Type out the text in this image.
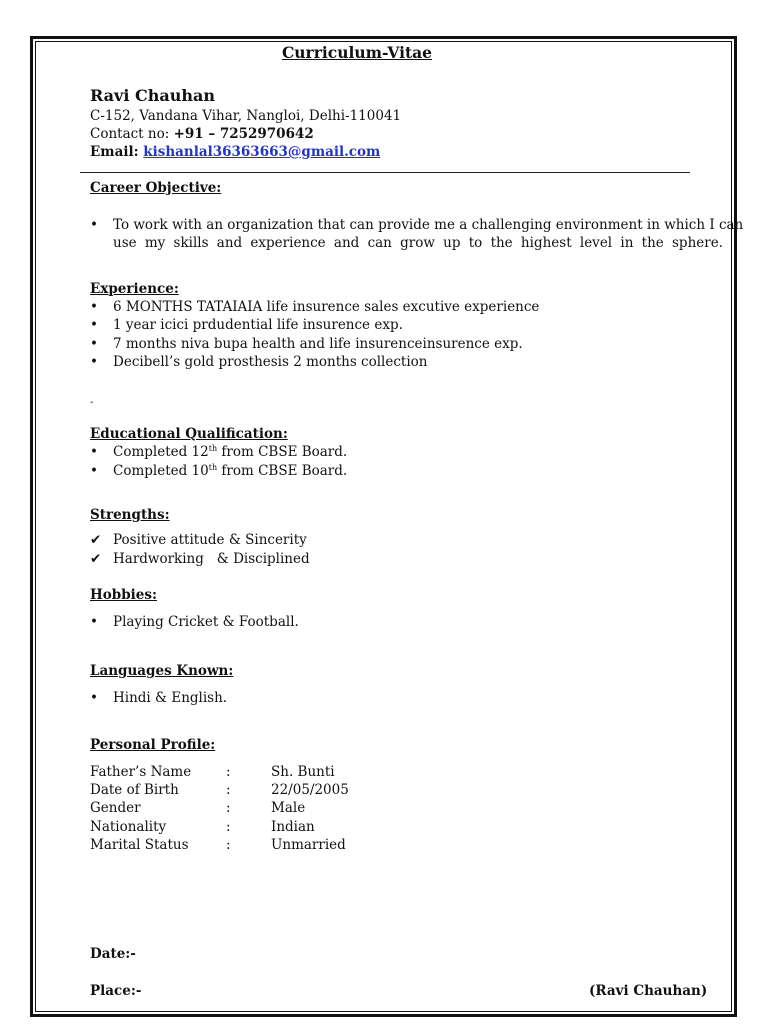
Curriculum-Vitae
Ravi Chauhan
C-152, Vandana Vihar, Nangloi, Delhi-110041
Contact no: +91 – 7252970642
Email: kishanlal36363663@gmail.com
Career Objective:
•	To work with an organization that can provide me a challenging environment in which I can
use my skills and experience and can grow up to the highest level in the sphere.
Experience:
•	6 MONTHS TATAIAIA life insurence sales excutive experience
•	1 year icici prdudential life insurence exp.
•	7 months niva bupa health and life insurenceinsurence exp.
•	Decibell’s gold prosthesis 2 months collection
-
Educational Qualification:
•	Completed 12th from CBSE Board.
•	Completed 10th from CBSE Board.
Strengths:
✔ Positive attitude & Sincerity
✔ Hardworking   & Disciplined
Hobbies:
•	Playing Cricket & Football.
Languages Known:
•	Hindi & English.
Personal Profile:
Father’s Name	:	Sh. Bunti
Date of Birth	:	22/05/2005
Gender	:	Male
Nationality	:	Indian
Marital Status	:	Unmarried
Date:-
Place:-	(Ravi Chauhan)
